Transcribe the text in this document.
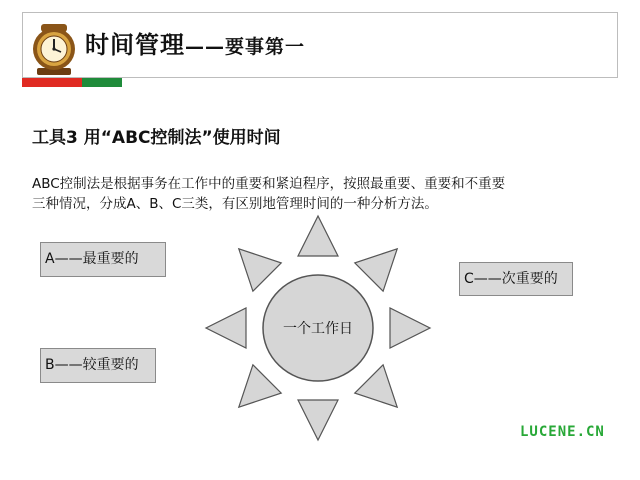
时间管理——要事第一
工具3 用“ABC控制法”使用时间
ABC控制法是根据事务在工作中的重要和紧迫程序，按照最重要、重要和不重要
三种情况，分成A、B、C三类，有区别地管理时间的一种分析方法。
一个工作日
A——最重要的
B——较重要的
C——次重要的
LUCENE.CN
